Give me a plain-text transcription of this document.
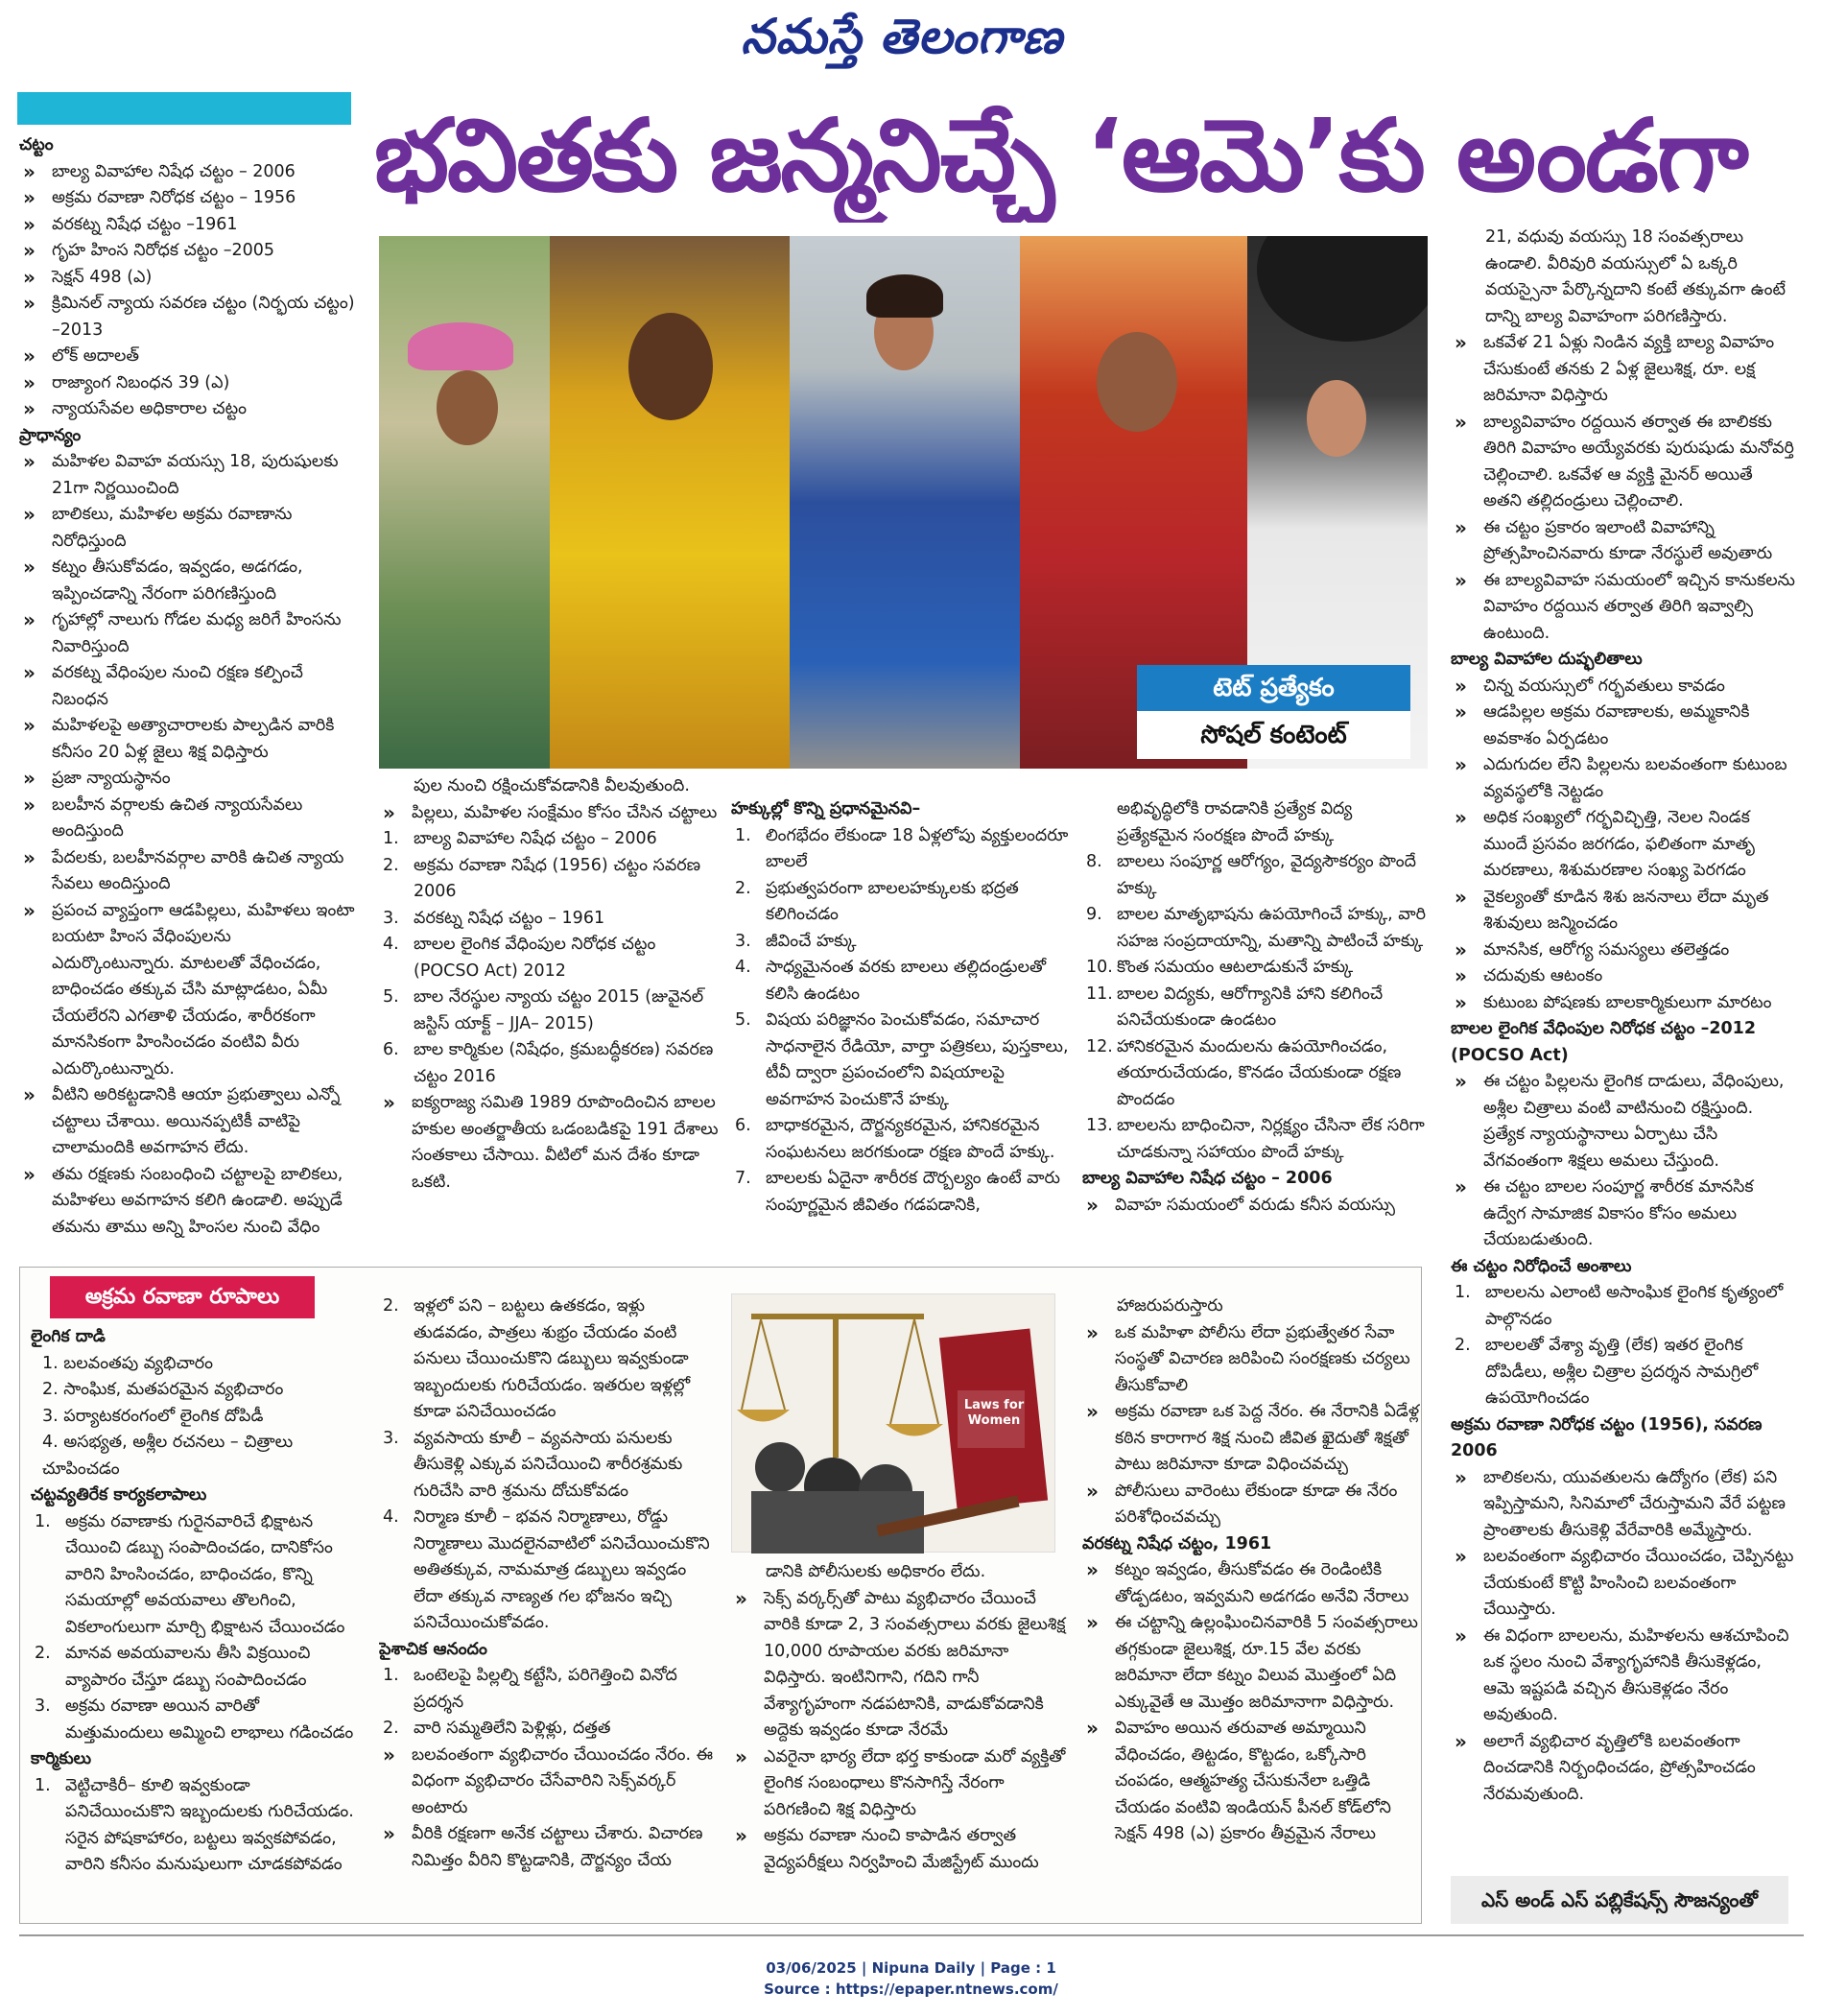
నమస్తే తెలంగాణ
భవితకు జన్మనిచ్చే ‘ఆమె’కు అండగా
టెట్ ప్రత్యేకం
సోషల్ కంటెంట్
చట్టం
» బాల్య వివాహాల నిషేధ చట్టం – 2006
» అక్రమ రవాణా నిరోధక చట్టం – 1956
» వరకట్న నిషేధ చట్టం –1961
» గృహ హింస నిరోధక చట్టం –2005
» సెక్షన్ 498 (ఎ)
» క్రిమినల్ న్యాయ సవరణ చట్టం (నిర్భయ చట్టం) –2013
» లోక్ అదాలత్
» రాజ్యాంగ నిబంధన 39 (ఎ)
» న్యాయసేవల అధికారాల చట్టం
ప్రాధాన్యం
» మహిళల వివాహ వయస్సు 18, పురుషులకు 21గా నిర్ణయించింది
» బాలికలు, మహిళల అక్రమ రవాణాను నిరోధిస్తుంది
» కట్నం తీసుకోవడం, ఇవ్వడం, అడగడం, ఇప్పించడాన్ని నేరంగా పరిగణిస్తుంది
» గృహాల్లో నాలుగు గోడల మధ్య జరిగే హింసను నివారిస్తుంది
» వరకట్న వేధింపుల నుంచి రక్షణ కల్పించే నిబంధన
» మహిళలపై అత్యాచారాలకు పాల్పడిన వారికి కనీసం 20 ఏళ్ల జైలు శిక్ష విధిస్తారు
» ప్రజా న్యాయస్థానం
» బలహీన వర్గాలకు ఉచిత న్యాయసేవలు అందిస్తుంది
» పేదలకు, బలహీనవర్గాల వారికి ఉచిత న్యాయ సేవలు అందిస్తుంది
» ప్రపంచ వ్యాప్తంగా ఆడపిల్లలు, మహిళలు ఇంటా బయటా హింస వేధింపులను ఎదుర్కొంటున్నారు. మాటలతో వేధించడం, బాధించడం తక్కువ చేసి మాట్లాడటం, ఏమీ చేయలేరని ఎగతాళి చేయడం, శారీరకంగా మానసికంగా హింసించడం వంటివి వీరు ఎదుర్కొంటున్నారు.
» వీటిని అరికట్టడానికి ఆయా ప్రభుత్వాలు ఎన్నో చట్టాలు చేశాయి. అయినప్పటికీ వాటిపై చాలామందికి అవగాహన లేదు.
» తమ రక్షణకు సంబంధించి చట్టాలపై బాలికలు, మహిళలు అవగాహన కలిగి ఉండాలి. అప్పుడే తమను తాము అన్ని హింసల నుంచి వేధిం
పుల నుంచి రక్షించుకోవడానికి వీలవుతుంది.
» పిల్లలు, మహిళల సంక్షేమం కోసం చేసిన చట్టాలు
1. బాల్య వివాహాల నిషేధ చట్టం – 2006
2. అక్రమ రవాణా నిషేధ (1956) చట్టం సవరణ 2006
3. వరకట్న నిషేధ చట్టం – 1961
4. బాలల లైంగిక వేధింపుల నిరోధక చట్టం (POCSO Act) 2012
5. బాల నేరస్థుల న్యాయ చట్టం 2015 (జువైనల్ జస్టిస్ యాక్ట్ – JJA– 2015)
6. బాల కార్మికుల (నిషేధం, క్రమబద్ధీకరణ) సవరణ చట్టం 2016
» ఐక్యరాజ్య సమితి 1989 రూపొందించిన బాలల హకుల అంతర్జాతీయ ఒడంబడికపై 191 దేశాలు సంతకాలు చేసాయి. వీటిలో మన దేశం కూడా ఒకటి.
హక్కుల్లో కొన్ని ప్రధానమైనవి–
1. లింగభేదం లేకుండా 18 ఏళ్లలోపు వ్యక్తులందరూ బాలలే
2. ప్రభుత్వపరంగా బాలలహక్కులకు భద్రత కలిగించడం
3. జీవించే హక్కు
4. సాధ్యమైనంత వరకు బాలలు తల్లిదండ్రులతో కలిసి ఉండటం
5. విషయ పరిజ్ఞానం పెంచుకోవడం, సమాచార సాధనాలైన రేడియో, వార్తా పత్రికలు, పుస్తకాలు, టీవీ ద్వారా ప్రపంచంలోని విషయాలపై అవగాహన పెంచుకొనే హక్కు
6. బాధాకరమైన, దౌర్జన్యకరమైన, హానికరమైన సంఘటనలు జరగకుండా రక్షణ పొందే హక్కు.
7. బాలలకు ఏదైనా శారీరక దౌర్బల్యం ఉంటే వారు సంపూర్ణమైన జీవితం గడపడానికి,
అభివృద్ధిలోకి రావడానికి ప్రత్యేక విద్య ప్రత్యేకమైన సంరక్షణ పొందే హక్కు
8. బాలలు సంపూర్ణ ఆరోగ్యం, వైద్యసౌకర్యం పొందే హక్కు
9. బాలల మాతృభాషను ఉపయోగించే హక్కు, వారి సహజ సంప్రదాయాన్ని, మతాన్ని పాటించే హక్కు
10. కొంత సమయం ఆటలాడుకునే హక్కు
11. బాలల విద్యకు, ఆరోగ్యానికి హాని కలిగించే పనిచేయకుండా ఉండటం
12. హానికరమైన మందులను ఉపయోగించడం, తయారుచేయడం, కొనడం చేయకుండా రక్షణ పొందడం
13. బాలలను బాధించినా, నిర్లక్ష్యం చేసినా లేక సరిగా చూడకున్నా సహాయం పొందే హక్కు
బాల్య వివాహాల నిషేధ చట్టం – 2006
» వివాహ సమయంలో వరుడు కనీస వయస్సు
21, వధువు వయస్సు 18 సంవత్సరాలు ఉండాలి. వీరివురి వయస్సులో ఏ ఒక్కరి వయస్సైనా పేర్కొన్నదాని కంటే తక్కువగా ఉంటే దాన్ని బాల్య వివాహంగా పరిగణిస్తారు.
» ఒకవేళ 21 ఏళ్లు నిండిన వ్యక్తి బాల్య వివాహం చేసుకుంటే తనకు 2 ఏళ్ల జైలుశిక్ష, రూ. లక్ష జరిమానా విధిస్తారు
» బాల్యవివాహం రద్దయిన తర్వాత ఈ బాలికకు తిరిగి వివాహం అయ్యేవరకు పురుషుడు మనోవర్తి చెల్లించాలి. ఒకవేళ ఆ వ్యక్తి మైనర్ అయితే అతని తల్లిదండ్రులు చెల్లించాలి.
» ఈ చట్టం ప్రకారం ఇలాంటి వివాహాన్ని ప్రోత్సహించినవారు కూడా నేరస్థులే అవుతారు
» ఈ బాల్యవివాహ సమయంలో ఇచ్చిన కానుకలను వివాహం రద్దయిన తర్వాత తిరిగి ఇవ్వాల్సి ఉంటుంది.
బాల్య వివాహాల దుష్ఫలితాలు
» చిన్న వయస్సులో గర్భవతులు కావడం
» ఆడపిల్లల అక్రమ రవాణాలకు, అమ్మకానికి అవకాశం ఏర్పడటం
» ఎదుగుదల లేని పిల్లలను బలవంతంగా కుటుంబ వ్యవస్థలోకి నెట్టడం
» అధిక సంఖ్యలో గర్భవిచ్ఛిత్తి, నెలల నిండక ముందే ప్రసవం జరగడం, ఫలితంగా మాతృ మరణాలు, శిశుమరణాల సంఖ్య పెరగడం
» వైకల్యంతో కూడిన శిశు జననాలు లేదా మృత శిశువులు జన్మించడం
» మానసిక, ఆరోగ్య సమస్యలు తలెత్తడం
» చదువుకు ఆటంకం
» కుటుంబ పోషణకు బాలకార్మికులుగా మారటం
బాలల లైంగిక వేధింపుల నిరోధక చట్టం –2012 (POCSO Act)
» ఈ చట్టం పిల్లలను లైంగిక దాడులు, వేధింపులు, అశ్లీల చిత్రాలు వంటి వాటినుంచి రక్షిస్తుంది. ప్రత్యేక న్యాయస్థానాలు ఏర్పాటు చేసి వేగవంతంగా శిక్షలు అమలు చేస్తుంది.
» ఈ చట్టం బాలల సంపూర్ణ శారీరక మానసిక ఉద్వేగ సామాజిక వికాసం కోసం అమలు చేయబడుతుంది.
ఈ చట్టం నిరోధించే అంశాలు
1. బాలలను ఎలాంటి అసాంఘిక లైంగిక కృత్యంలో పాల్గొనడం
2. బాలలతో వేశ్యా వృత్తి (లేక) ఇతర లైంగిక దోపిడీలు, అశ్లీల చిత్రాల ప్రదర్శన సామగ్రిలో ఉపయోగించడం
అక్రమ రవాణా నిరోధక చట్టం (1956), సవరణ 2006
» బాలికలను, యువతులను ఉద్యోగం (లేక) పని ఇప్పిస్తామని, సినిమాలో చేరుస్తామని వేరే పట్టణ ప్రాంతాలకు తీసుకెళ్లి వేరేవారికి అమ్మేస్తారు.
» బలవంతంగా వ్యభిచారం చేయించడం, చెప్పినట్టు చేయకుంటే కొట్టి హింసించి బలవంతంగా చేయిస్తారు.
» ఈ విధంగా బాలలను, మహిళలను ఆశచూపించి ఒక స్థలం నుంచి వేశ్యాగృహానికి తీసుకెళ్లడం, ఆమె ఇష్టపడి వచ్చిన తీసుకెళ్లడం నేరం అవుతుంది.
» అలాగే వ్యభిచార వృత్తిలోకి బలవంతంగా దించడానికి నిర్బంధించడం, ప్రోత్సహించడం నేరమవుతుంది.
అక్రమ రవాణా రూపాలు
లైంగిక దాడి
1. బలవంతపు వ్యభిచారం
2. సాంఘిక, మతపరమైన వ్యభిచారం
3. పర్యాటకరంగంలో లైంగిక దోపిడీ
4. అసభ్యత, అశ్లీల రచనలు – చిత్రాలు చూపించడం
చట్టవ్యతిరేక కార్యకలాపాలు
1. అక్రమ రవాణాకు గురైనవారిచే భిక్షాటన చేయించి డబ్బు సంపాదించడం, దానికోసం వారిని హింసించడం, బాధించడం, కొన్ని సమయాల్లో అవయవాలు తొలగించి, వికలాంగులుగా మార్చి భిక్షాటన చేయించడం
2. మానవ అవయవాలను తీసి విక్రయించి వ్యాపారం చేస్తూ డబ్బు సంపాదించడం
3. అక్రమ రవాణా అయిన వారితో మత్తుమందులు అమ్మించి లాభాలు గడించడం
కార్మికులు
1. వెట్టిచాకిరీ– కూలి ఇవ్వకుండా పనిచేయించుకొని ఇబ్బందులకు గురిచేయడం. సరైన పోషకాహారం, బట్టలు ఇవ్వకపోవడం, వారిని కనీసం మనుషులుగా చూడకపోవడం
2. ఇళ్లలో పని – బట్టలు ఉతకడం, ఇళ్లు తుడవడం, పాత్రలు శుభ్రం చేయడం వంటి పనులు చేయించుకొని డబ్బులు ఇవ్వకుండా ఇబ్బందులకు గురిచేయడం. ఇతరుల ఇళ్లల్లో కూడా పనిచేయించడం
3. వ్యవసాయ కూలీ – వ్యవసాయ పనులకు తీసుకెళ్లి ఎక్కువ పనిచేయించి శారీరశ్రమకు గురిచేసి వారి శ్రమను దోచుకోవడం
4. నిర్మాణ కూలీ – భవన నిర్మాణాలు, రోడ్డు నిర్మాణాలు మొదలైనవాటిలో పనిచేయించుకొని అతితక్కువ, నామమాత్ర డబ్బులు ఇవ్వడం లేదా తక్కువ నాణ్యత గల భోజనం ఇచ్చి పనిచేయించుకోవడం.
పైశాచిక ఆనందం
1. ఒంటెలపై పిల్లల్ని కట్టేసి, పరిగెత్తించి వినోద ప్రదర్శన
2. వారి సమ్మతిలేని పెళ్లిళ్లు, దత్తత
» బలవంతంగా వ్యభిచారం చేయించడం నేరం. ఈ విధంగా వ్యభిచారం చేసేవారిని సెక్స్‌వర్కర్ అంటారు
» వీరికి రక్షణగా అనేక చట్టాలు చేశారు. విచారణ నిమిత్తం వీరిని కొట్టడానికి, దౌర్జన్యం చేయ
Laws for Women
డానికి పోలీసులకు అధికారం లేదు.
» సెక్స్ వర్కర్స్‌తో పాటు వ్యభిచారం చేయించే వారికి కూడా 2, 3 సంవత్సరాలు వరకు జైలుశిక్ష 10,000 రూపాయల వరకు జరిమానా విధిస్తారు. ఇంటినిగాని, గదిని గానీ వేశ్యాగృహంగా నడపటానికి, వాడుకోవడానికి అద్దెకు ఇవ్వడం కూడా నేరమే
» ఎవరైనా భార్య లేదా భర్త కాకుండా మరో వ్యక్తితో లైంగిక సంబంధాలు కొనసాగిస్తే నేరంగా పరిగణించి శిక్ష విధిస్తారు
» అక్రమ రవాణా నుంచి కాపాడిన తర్వాత వైద్యపరీక్షలు నిర్వహించి మేజిస్ట్రేట్ ముందు
హాజరుపరుస్తారు
» ఒక మహిళా పోలీసు లేదా ప్రభుత్వేతర సేవా సంస్థతో విచారణ జరిపించి సంరక్షణకు చర్యలు తీసుకోవాలి
» అక్రమ రవాణా ఒక పెద్ద నేరం. ఈ నేరానికి ఏడేళ్ల కఠిన కారాగార శిక్ష నుంచి జీవిత ఖైదుతో శిక్షతో పాటు జరిమానా కూడా విధించవచ్చు
» పోలీసులు వారెంటు లేకుండా కూడా ఈ నేరం పరిశోధించవచ్చు
వరకట్న నిషేధ చట్టం, 1961
» కట్నం ఇవ్వడం, తీసుకోవడం ఈ రెండింటికి తోడ్పడటం, ఇవ్వమని అడగడం అనేవి నేరాలు
» ఈ చట్టాన్ని ఉల్లంఘించినవారికి 5 సంవత్సరాలు తగ్గకుండా జైలుశిక్ష, రూ.15 వేల వరకు జరిమానా లేదా కట్నం విలువ మొత్తంలో ఏది ఎక్కువైతే ఆ మొత్తం జరిమానాగా విధిస్తారు.
» వివాహం అయిన తరువాత అమ్మాయిని వేధించడం, తిట్టడం, కొట్టడం, ఒక్కోసారి చంపడం, ఆత్మహత్య చేసుకునేలా ఒత్తిడి చేయడం వంటివి ఇండియన్ పీనల్ కోడ్‌లోని సెక్షన్ 498 (ఎ) ప్రకారం తీవ్రమైన నేరాలు
ఎస్ అండ్ ఎస్ పబ్లికేషన్స్ సౌజన్యంతో
03/06/2025 | Nipuna Daily | Page : 1
Source : https://epaper.ntnews.com/
